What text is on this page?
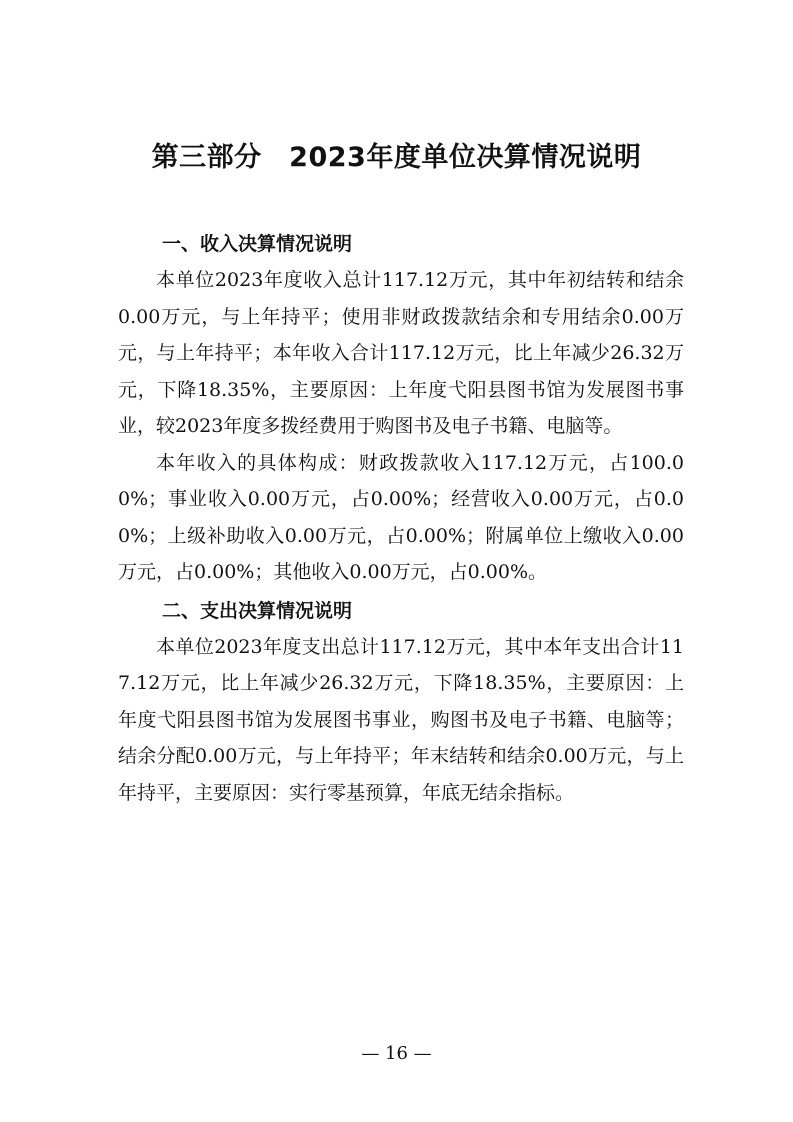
第三部分　2023年度单位决算情况说明

一、收入决算情况说明

本单位2023年度收入总计117.12万元，其中年初结转和结余0.00万元，与上年持平；使用非财政拨款结余和专用结余0.00万元，与上年持平；本年收入合计117.12万元，比上年减少26.32万元，下降18.35%，主要原因：上年度弋阳县图书馆为发展图书事业，较2023年度多拨经费用于购图书及电子书籍、电脑等。

本年收入的具体构成：财政拨款收入117.12万元，占100.00%；事业收入0.00万元，占0.00%；经营收入0.00万元，占0.00%；上级补助收入0.00万元，占0.00%；附属单位上缴收入0.00万元，占0.00%；其他收入0.00万元，占0.00%。

二、支出决算情况说明

本单位2023年度支出总计117.12万元，其中本年支出合计117.12万元，比上年减少26.32万元，下降18.35%，主要原因：上年度弋阳县图书馆为发展图书事业，购图书及电子书籍、电脑等；结余分配0.00万元，与上年持平；年末结转和结余0.00万元，与上年持平，主要原因：实行零基预算，年底无结余指标。

— 16 —
